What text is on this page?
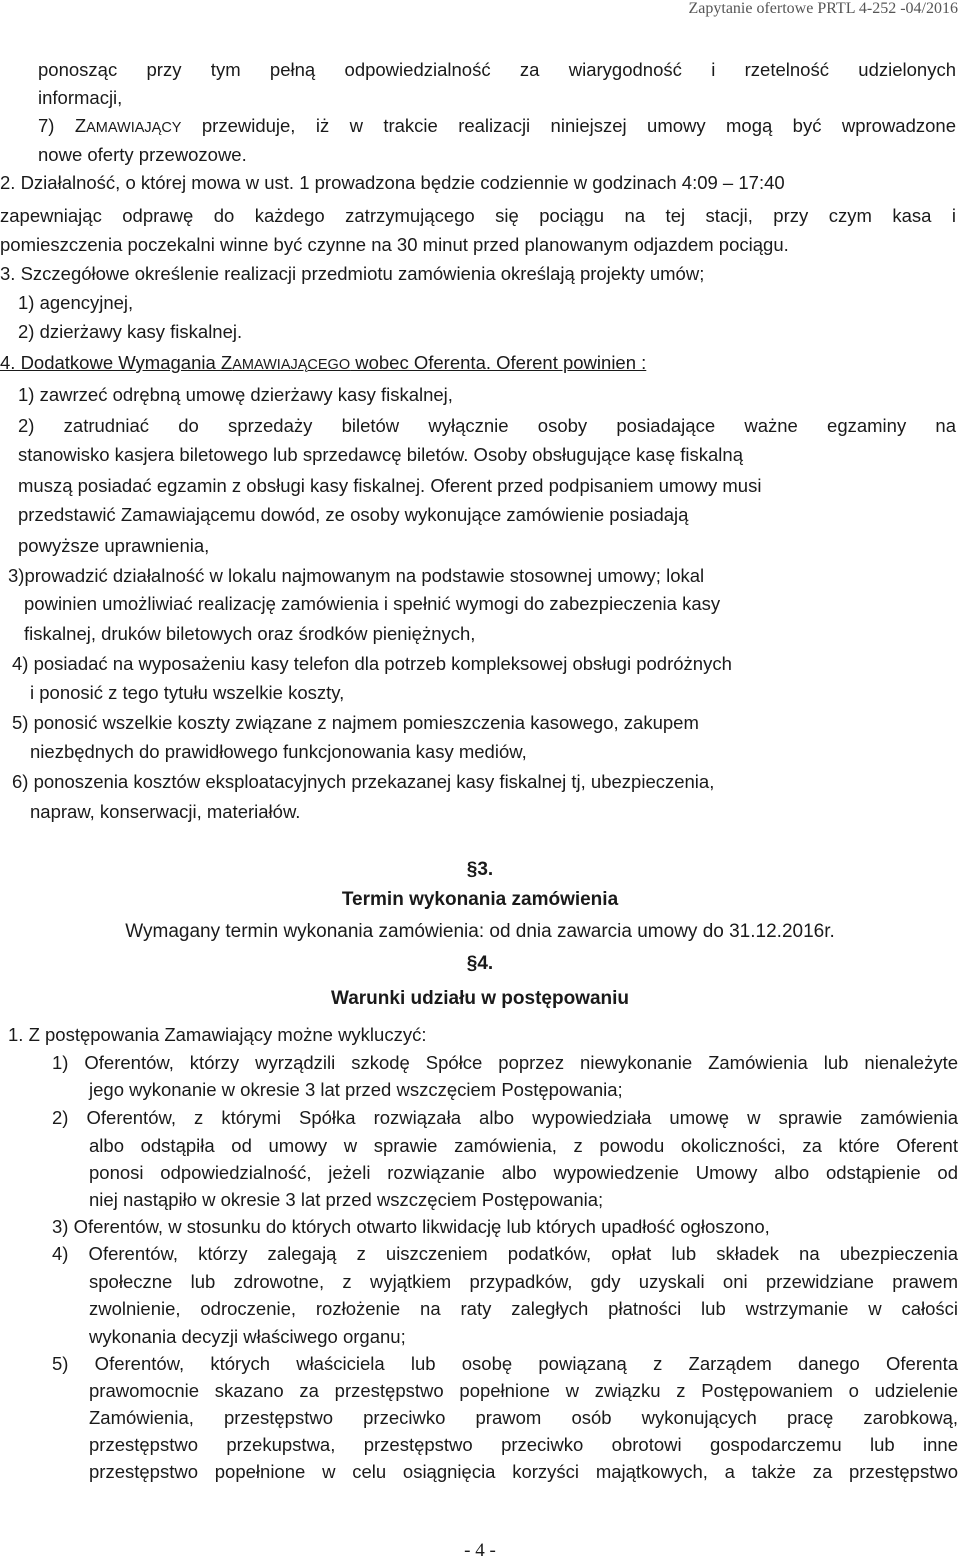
Zapytanie ofertowe PRTL 4-252 -04/2016
ponosząc przy tym pełną odpowiedzialność za wiarygodność i rzetelność udzielonych
informacji,
7) ZAMAWIAJĄCY przewiduje, iż w trakcie realizacji niniejszej umowy mogą być wprowadzone
nowe oferty przewozowe.
2. Działalność, o której mowa w ust. 1 prowadzona będzie codziennie w godzinach 4:09 – 17:40
zapewniając odprawę do każdego zatrzymującego się pociągu na tej stacji, przy czym kasa i
pomieszczenia poczekalni winne być czynne na 30 minut przed planowanym odjazdem pociągu.
3. Szczegółowe określenie realizacji przedmiotu zamówienia określają projekty umów;
1) agencyjnej,
2) dzierżawy kasy fiskalnej.
4. Dodatkowe Wymagania ZAMAWIAJĄCEGO wobec Oferenta. Oferent powinien :
1) zawrzeć odrębną umowę dzierżawy kasy fiskalnej,
2) zatrudniać do sprzedaży biletów wyłącznie osoby posiadające ważne egzaminy na
stanowisko kasjera biletowego lub sprzedawcę biletów. Osoby obsługujące kasę fiskalną
muszą posiadać egzamin z obsługi kasy fiskalnej. Oferent przed podpisaniem umowy musi
przedstawić Zamawiającemu dowód, ze osoby wykonujące zamówienie posiadają
powyższe uprawnienia,
3)prowadzić działalność w lokalu najmowanym na podstawie stosownej umowy; lokal
powinien umożliwiać realizację zamówienia i spełnić wymogi do zabezpieczenia kasy
fiskalnej, druków biletowych oraz środków pieniężnych,
4) posiadać na wyposażeniu kasy telefon dla potrzeb kompleksowej obsługi podróżnych
i ponosić z tego tytułu wszelkie koszty,
5) ponosić wszelkie koszty związane z najmem pomieszczenia kasowego, zakupem
niezbędnych do prawidłowego funkcjonowania kasy mediów,
6) ponoszenia kosztów eksploatacyjnych przekazanej kasy fiskalnej tj, ubezpieczenia,
napraw, konserwacji, materiałów.
§3.
Termin wykonania zamówienia
Wymagany termin wykonania zamówienia: od dnia zawarcia umowy do 31.12.2016r.
§4.
Warunki udziału w postępowaniu
1. Z postępowania Zamawiający możne wykluczyć:
1) Oferentów, którzy wyrządzili szkodę Spółce poprzez niewykonanie Zamówienia lub nienależyte
jego wykonanie w okresie 3 lat przed wszczęciem Postępowania;
2) Oferentów, z którymi Spółka rozwiązała albo wypowiedziała umowę w sprawie zamówienia
albo odstąpiła od umowy w sprawie zamówienia, z powodu okoliczności, za które Oferent
ponosi odpowiedzialność, jeżeli rozwiązanie albo wypowiedzenie Umowy albo odstąpienie od
niej nastąpiło w okresie 3 lat przed wszczęciem Postępowania;
3) Oferentów, w stosunku do których otwarto likwidację lub których upadłość ogłoszono,
4) Oferentów, którzy zalegają z uiszczeniem podatków, opłat lub składek na ubezpieczenia
społeczne lub zdrowotne, z wyjątkiem przypadków, gdy uzyskali oni przewidziane prawem
zwolnienie, odroczenie, rozłożenie na raty zaległych płatności lub wstrzymanie w całości
wykonania decyzji właściwego organu;
5) Oferentów, których właściciela lub osobę powiązaną z Zarządem danego Oferenta
prawomocnie skazano za przestępstwo popełnione w związku z Postępowaniem o udzielenie
Zamówienia, przestępstwo przeciwko prawom osób wykonujących pracę zarobkową,
przestępstwo przekupstwa, przestępstwo przeciwko obrotowi gospodarczemu lub inne
przestępstwo popełnione w celu osiągnięcia korzyści majątkowych, a także za przestępstwo
- 4 -
